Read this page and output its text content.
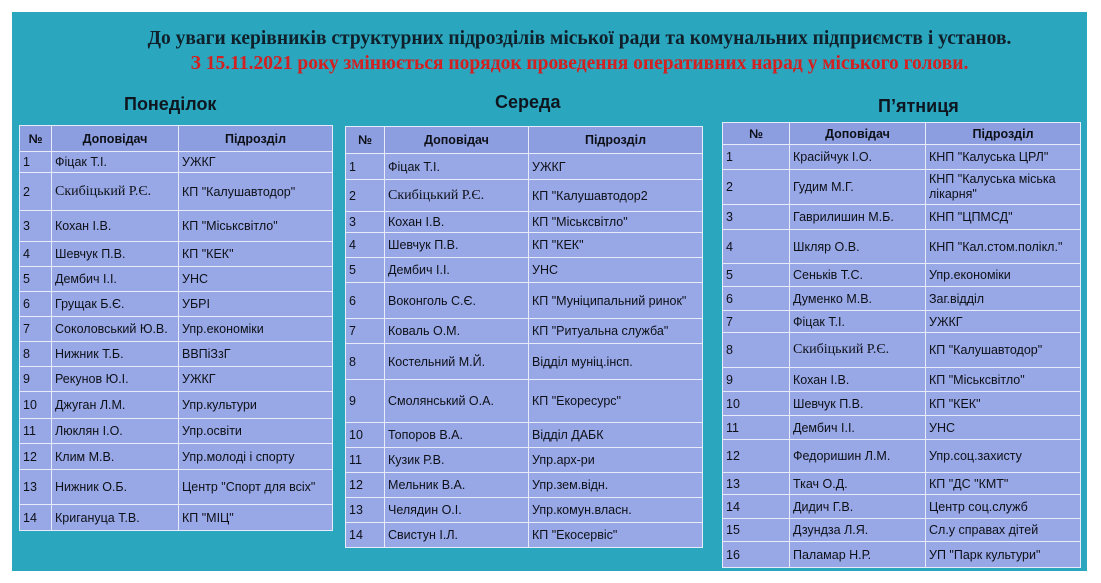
До уваги керівників структурних підрозділів міської ради та комунальних підприємств і установ.
З 15.11.2021 року змінюється порядок проведення оперативних нарад у міського голови.
Понеділок	Середа	П’ятниця
№	Доповідач	Підрозділ
1	Фіцак Т.І.	УЖКГ
2	Скибіцький Р.Є.	КП "Калушавтодор"
3	Кохан І.В.	КП "Міськсвітло"
4	Шевчук П.В.	КП "КЕК"
5	Дембич І.І.	УНС
6	Грущак Б.Є.	УБРІ
7	Соколовський Ю.В.	Упр.економіки
8	Нижник Т.Б.	ВВПіЗзГ
9	Рекунов Ю.І.	УЖКГ
10	Джуган Л.М.	Упр.культури
11	Люклян І.О.	Упр.освіти
12	Клим М.В.	Упр.молоді і спорту
13	Нижник О.Б.	Центр "Спорт для всіх"
14	Кригануца Т.В.	КП "МІЦ"
№	Доповідач	Підрозділ
1	Фіцак Т.І.	УЖКГ
2	Скибіцький Р.Є.	КП "Калушавтодор2
3	Кохан І.В.	КП "Міськсвітло"
4	Шевчук П.В.	КП "КЕК"
5	Дембич І.І.	УНС
6	Воконголь С.Є.	КП "Муніципальний ринок"
7	Коваль О.М.	КП "Ритуальна служба"
8	Костельний М.Й.	Відділ муніц.інсп.
9	Смолянський О.А.	КП "Екоресурс"
10	Топоров В.А.	Відділ ДАБК
11	Кузик Р.В.	Упр.арх-ри
12	Мельник В.А.	Упр.зем.відн.
13	Челядин О.І.	Упр.комун.власн.
14	Свистун І.Л.	КП "Екосервіс"
№	Доповідач	Підрозділ
1	Красійчук І.О.	КНП "Калуська ЦРЛ"
2	Гудим М.Г.	КНП "Калуська міська лікарня"
3	Гаврилишин М.Б.	КНП "ЦПМСД"
4	Шкляр О.В.	КНП "Кал.стом.полікл."
5	Сеньків Т.С.	Упр.економіки
6	Думенко М.В.	Заг.відділ
7	Фіцак Т.І.	УЖКГ
8	Скибіцький Р.Є.	КП "Калушавтодор"
9	Кохан І.В.	КП "Міськсвітло"
10	Шевчук П.В.	КП "КЕК"
11	Дембич І.І.	УНС
12	Федоришин Л.М.	Упр.соц.захисту
13	Ткач О.Д.	КП "ДС "КМТ"
14	Дидич Г.В.	Центр соц.служб
15	Дзундза Л.Я.	Сл.у справах дітей
16	Паламар Н.Р.	УП "Парк культури"
